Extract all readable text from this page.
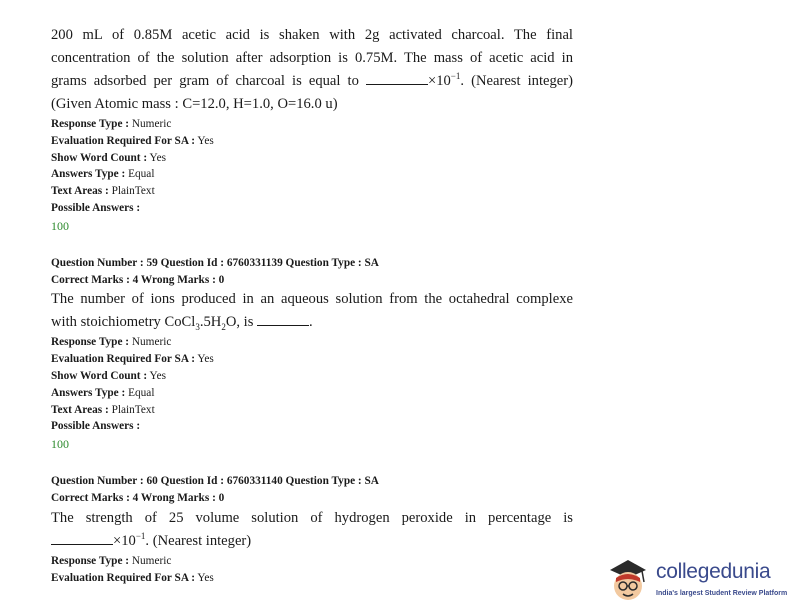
200 mL of 0.85M acetic acid is shaken with 2g activated charcoal. The final
concentration of the solution after adsorption is 0.75M. The mass of acetic acid in
grams adsorbed per gram of charcoal is equal to	$\times 10^{-1}$. (Nearest integer)
(Given Atomic mass : C=12.0, H=1.0, O=16.0 u)
Response Type : Numeric
Evaluation Required For SA : Yes
Show Word Count : Yes
Answers Type : Equal
Text Areas : PlainText
Possible Answers :
100
Question Number : 59 Question Id : 6760331139 Question Type : SA
Correct Marks : 4 Wrong Marks : 0
The number of ions produced in an aqueous solution from the octahedral complexe
with stoichiometry $CoCl_3.5H_2O$, is	.
Response Type : Numeric
Evaluation Required For SA : Yes
Show Word Count : Yes
Answers Type : Equal
Text Areas : PlainText
Possible Answers :
100
Question Number : 60 Question Id : 6760331140 Question Type : SA
Correct Marks : 4 Wrong Marks : 0
The strength of 25 volume solution of hydrogen peroxide in percentage is
$\times 10^{-1}$. (Nearest integer)
Response Type : Numeric
Evaluation Required For SA : Yes	collegedunia
India's largest Student Review Platform
